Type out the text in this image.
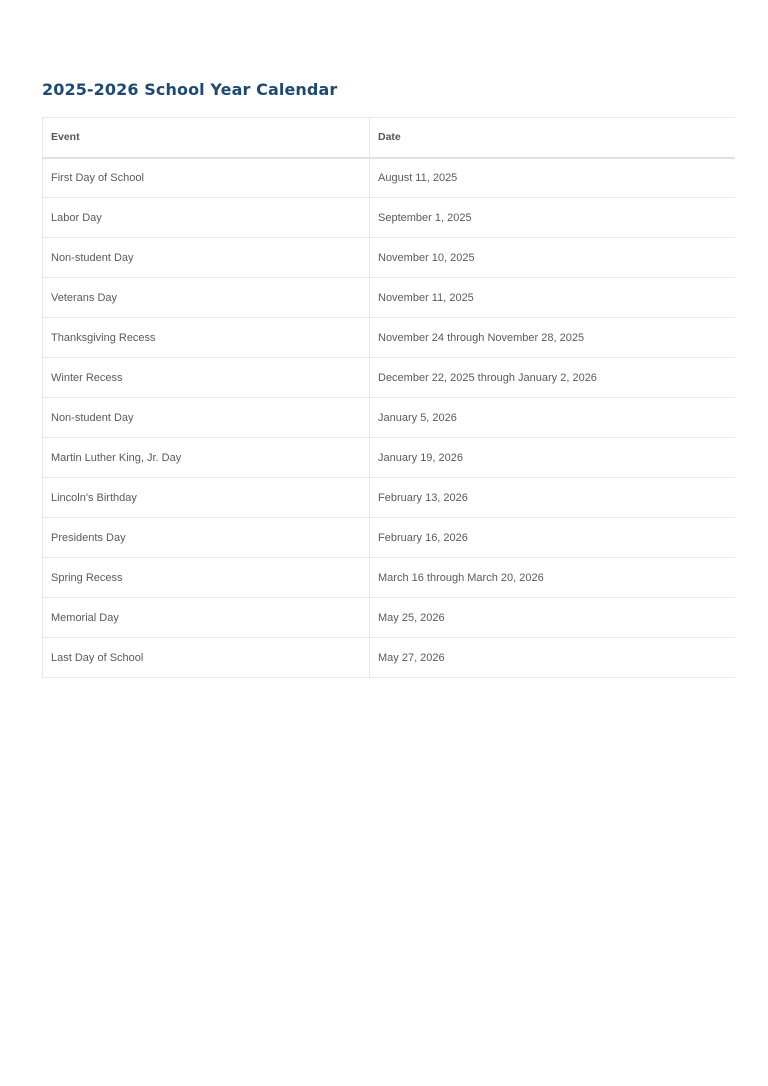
2025-2026 School Year Calendar
Event	Date
First Day of School	August 11, 2025
Labor Day	September 1, 2025
Non-student Day	November 10, 2025
Veterans Day	November 11, 2025
Thanksgiving Recess	November 24 through November 28, 2025
Winter Recess	December 22, 2025 through January 2, 2026
Non-student Day	January 5, 2026
Martin Luther King, Jr. Day	January 19, 2026
Lincoln's Birthday	February 13, 2026
Presidents Day	February 16, 2026
Spring Recess	March 16 through March 20, 2026
Memorial Day	May 25, 2026
Last Day of School	May 27, 2026
